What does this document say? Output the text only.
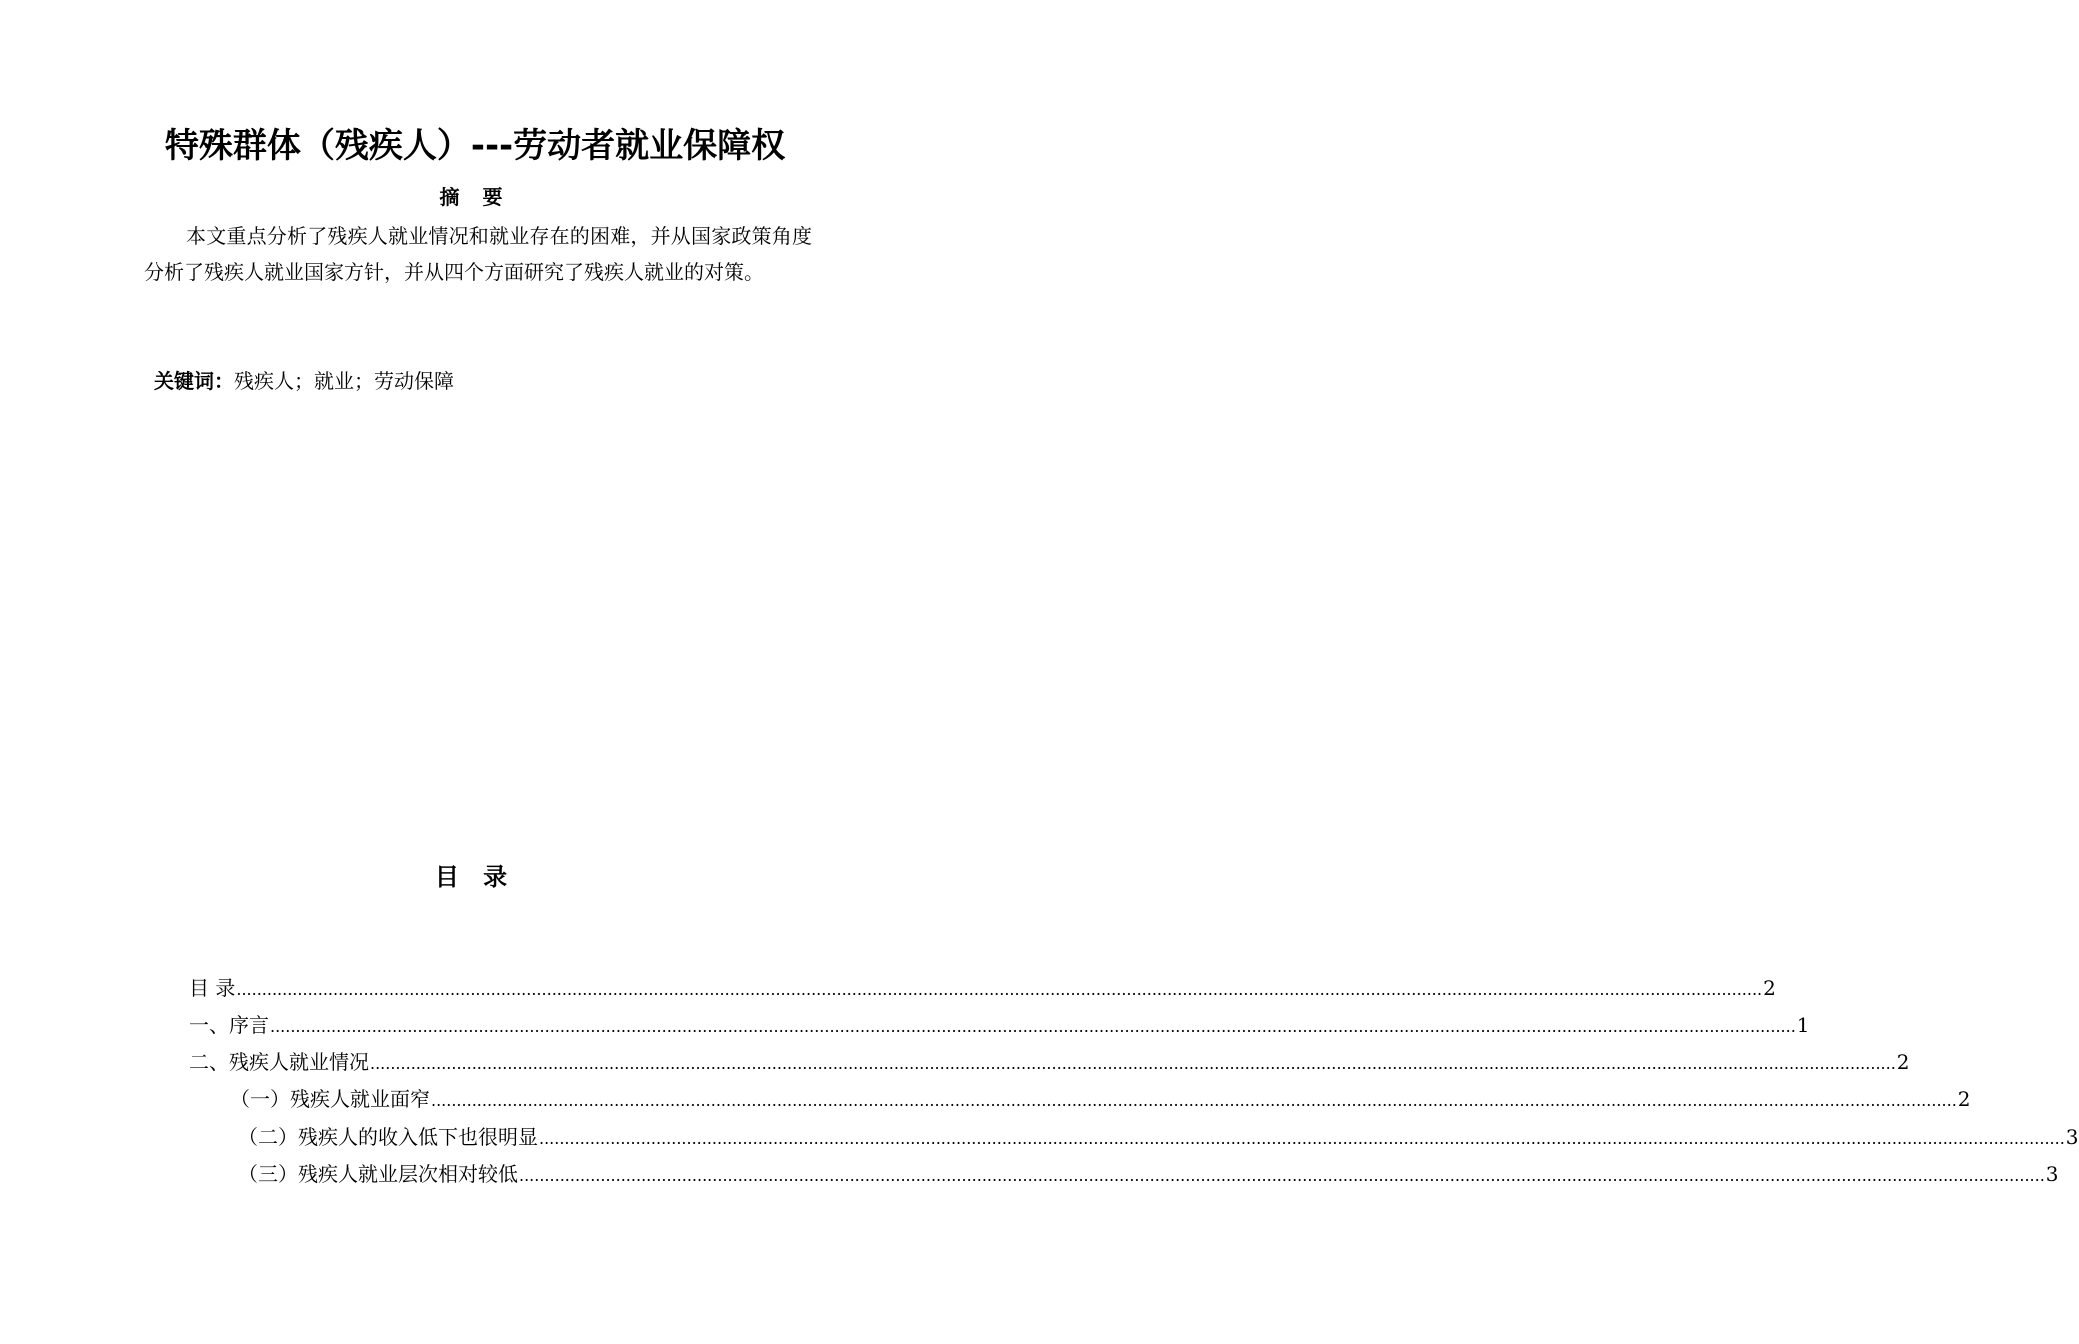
特殊群体（残疾人）---劳动者就业保障权
摘 要
本文重点分析了残疾人就业情况和就业存在的困难，并从国家政策角度分析了残疾人就业国家方针，并从四个方面研究了残疾人就业的对策。
关键词：残疾人；就业；劳动保障
目 录
目 录 ............................................................................................................................................................................................................................................................................................................ 2
一、序言 ............................................................................................................................................................................................................................................................................................................ 1
二、残疾人就业情况 ............................................................................................................................................................................................................................................................................................................ 2
（一）残疾人就业面窄 ............................................................................................................................................................................................................................................................................................................ 2
（二）残疾人的收入低下也很明显 ............................................................................................................................................................................................................................................................................................................ 3
（三）残疾人就业层次相对较低 ............................................................................................................................................................................................................................................................................................................ 3
